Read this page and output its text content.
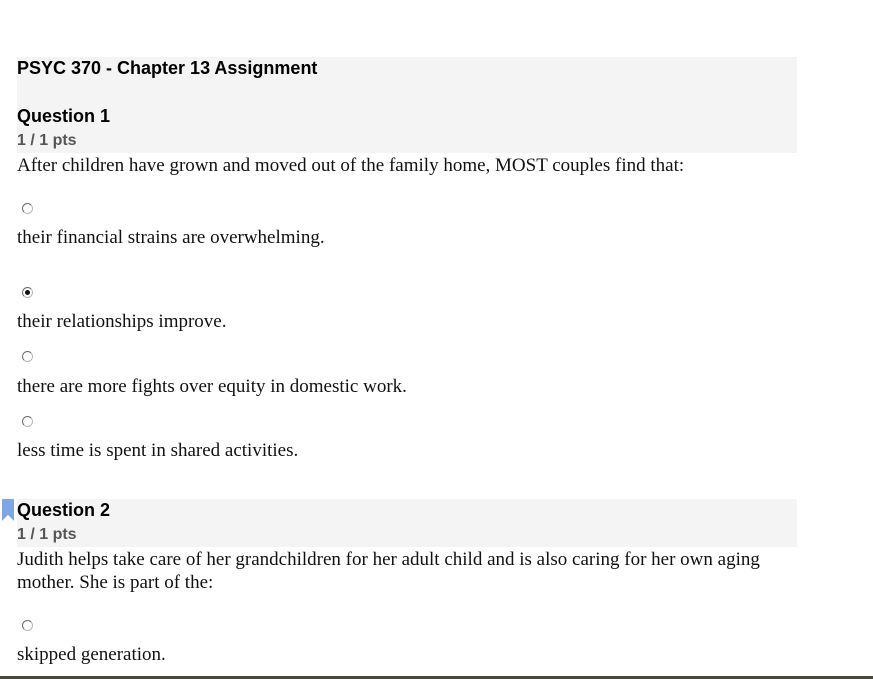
PSYC 370 - Chapter 13 Assignment
Question 1
1 / 1 pts
After children have grown and moved out of the family home, MOST couples find that:
their financial strains are overwhelming.
their relationships improve.
there are more fights over equity in domestic work.
less time is spent in shared activities.
Question 2
1 / 1 pts
Judith helps take care of her grandchildren for her adult child and is also caring for her own aging mother. She is part of the:
skipped generation.
